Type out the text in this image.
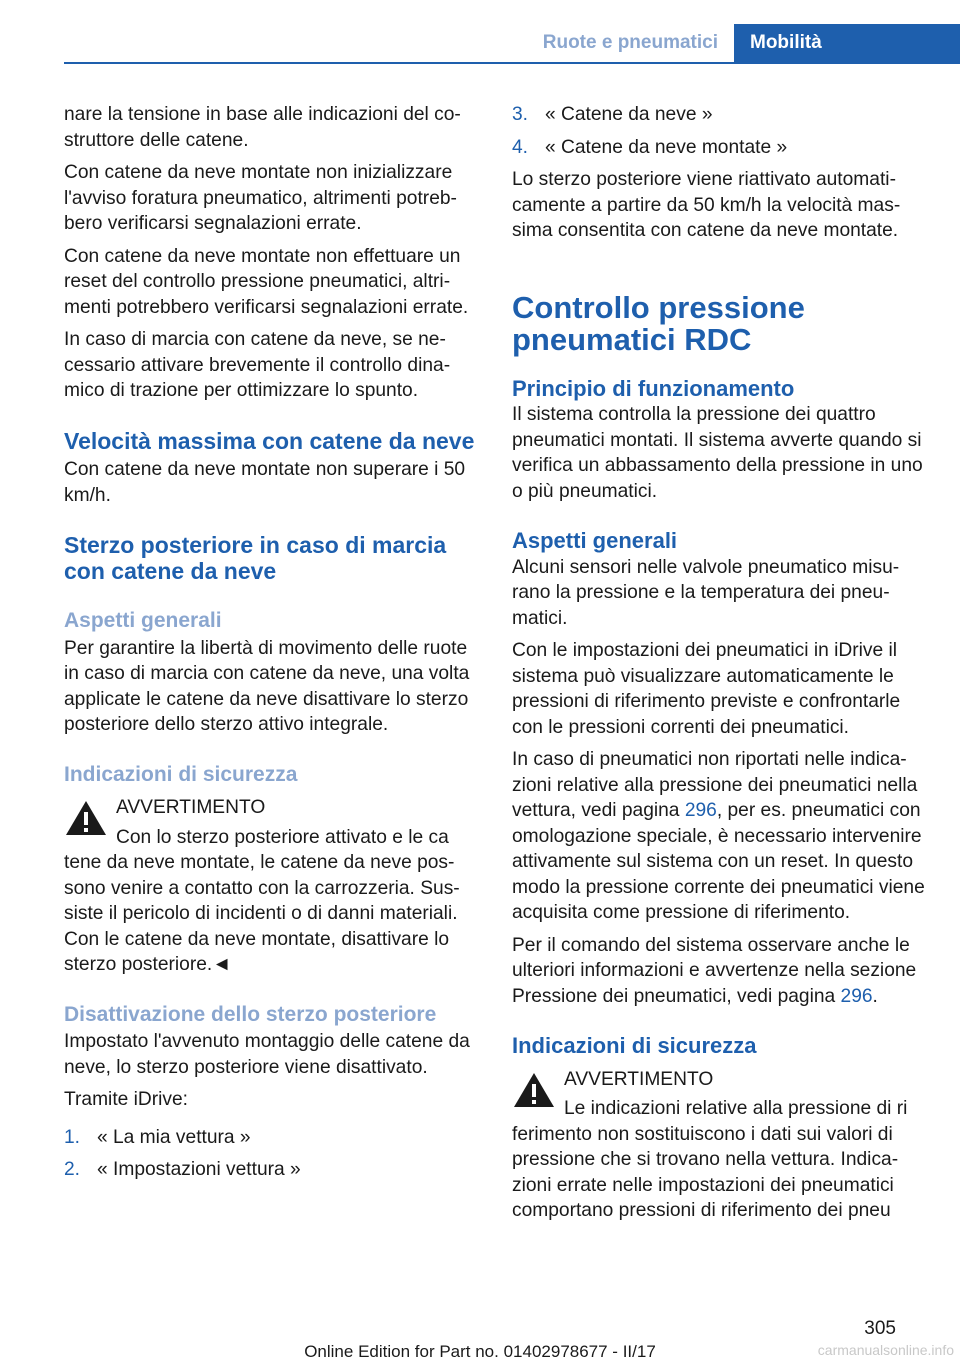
Ruote e pneumatici	Mobilità

nare la tensione in base alle indicazioni del costruttore delle catene.

Con catene da neve montate non inizializzare l'avviso foratura pneumatico, altrimenti potrebbero verificarsi segnalazioni errate.

Con catene da neve montate non effettuare un reset del controllo pressione pneumatici, altrimenti potrebbero verificarsi segnalazioni errate.

In caso di marcia con catene da neve, se necessario attivare brevemente il controllo dinamico di trazione per ottimizzare lo spunto.

Velocità massima con catene da neve

Con catene da neve montate non superare i 50 km/h.

Sterzo posteriore in caso di marcia con catene da neve
Aspetti generali

Per garantire la libertà di movimento delle ruote in caso di marcia con catene da neve, una volta applicate le catene da neve disattivare lo sterzo posteriore dello sterzo attivo integrale.

Indicazioni di sicurezza

AVVERTIMENTO

Con lo sterzo posteriore attivato e le ca

tene da neve montate, le catene da neve possono venire a contatto con la carrozzeria. Sussiste il pericolo di incidenti o di danni materiali. Con le catene da neve montate, disattivare lo sterzo posteriore.◄

Disattivazione dello sterzo posteriore

Impostato l'avvenuto montaggio delle catene da neve, lo sterzo posteriore viene disattivato.

Tramite iDrive:

1. « La mia vettura »
2. « Impostazioni vettura »
3. « Catene da neve »
4. « Catene da neve montate »

Lo sterzo posteriore viene riattivato automaticamente a partire da 50 km/h la velocità massima consentita con catene da neve montate.

Controllo pressione pneumatici RDC
Principio di funzionamento

Il sistema controlla la pressione dei quattro pneumatici montati. Il sistema avverte quando si verifica un abbassamento della pressione in uno o più pneumatici.

Aspetti generali

Alcuni sensori nelle valvole pneumatico misurano la pressione e la temperatura dei pneumatici.

Con le impostazioni dei pneumatici in iDrive il sistema può visualizzare automaticamente le pressioni di riferimento previste e confrontarle con le pressioni correnti dei pneumatici.

In caso di pneumatici non riportati nelle indicazioni relative alla pressione dei pneumatici nella vettura, vedi pagina 296, per es. pneumatici con omologazione speciale, è necessario intervenire attivamente sul sistema con un reset. In questo modo la pressione corrente dei pneumatici viene acquisita come pressione di riferimento.

Per il comando del sistema osservare anche le ulteriori informazioni e avvertenze nella sezione Pressione dei pneumatici, vedi pagina 296.

Indicazioni di sicurezza

AVVERTIMENTO

Le indicazioni relative alla pressione di ri

ferimento non sostituiscono i dati sui valori di pressione che si trovano nella vettura. Indicazioni errate nelle impostazioni dei pneumatici comportano pressioni di riferimento dei pneu

305
Online Edition for Part no. 01402978677 - II/17	carmanualsonline.info
